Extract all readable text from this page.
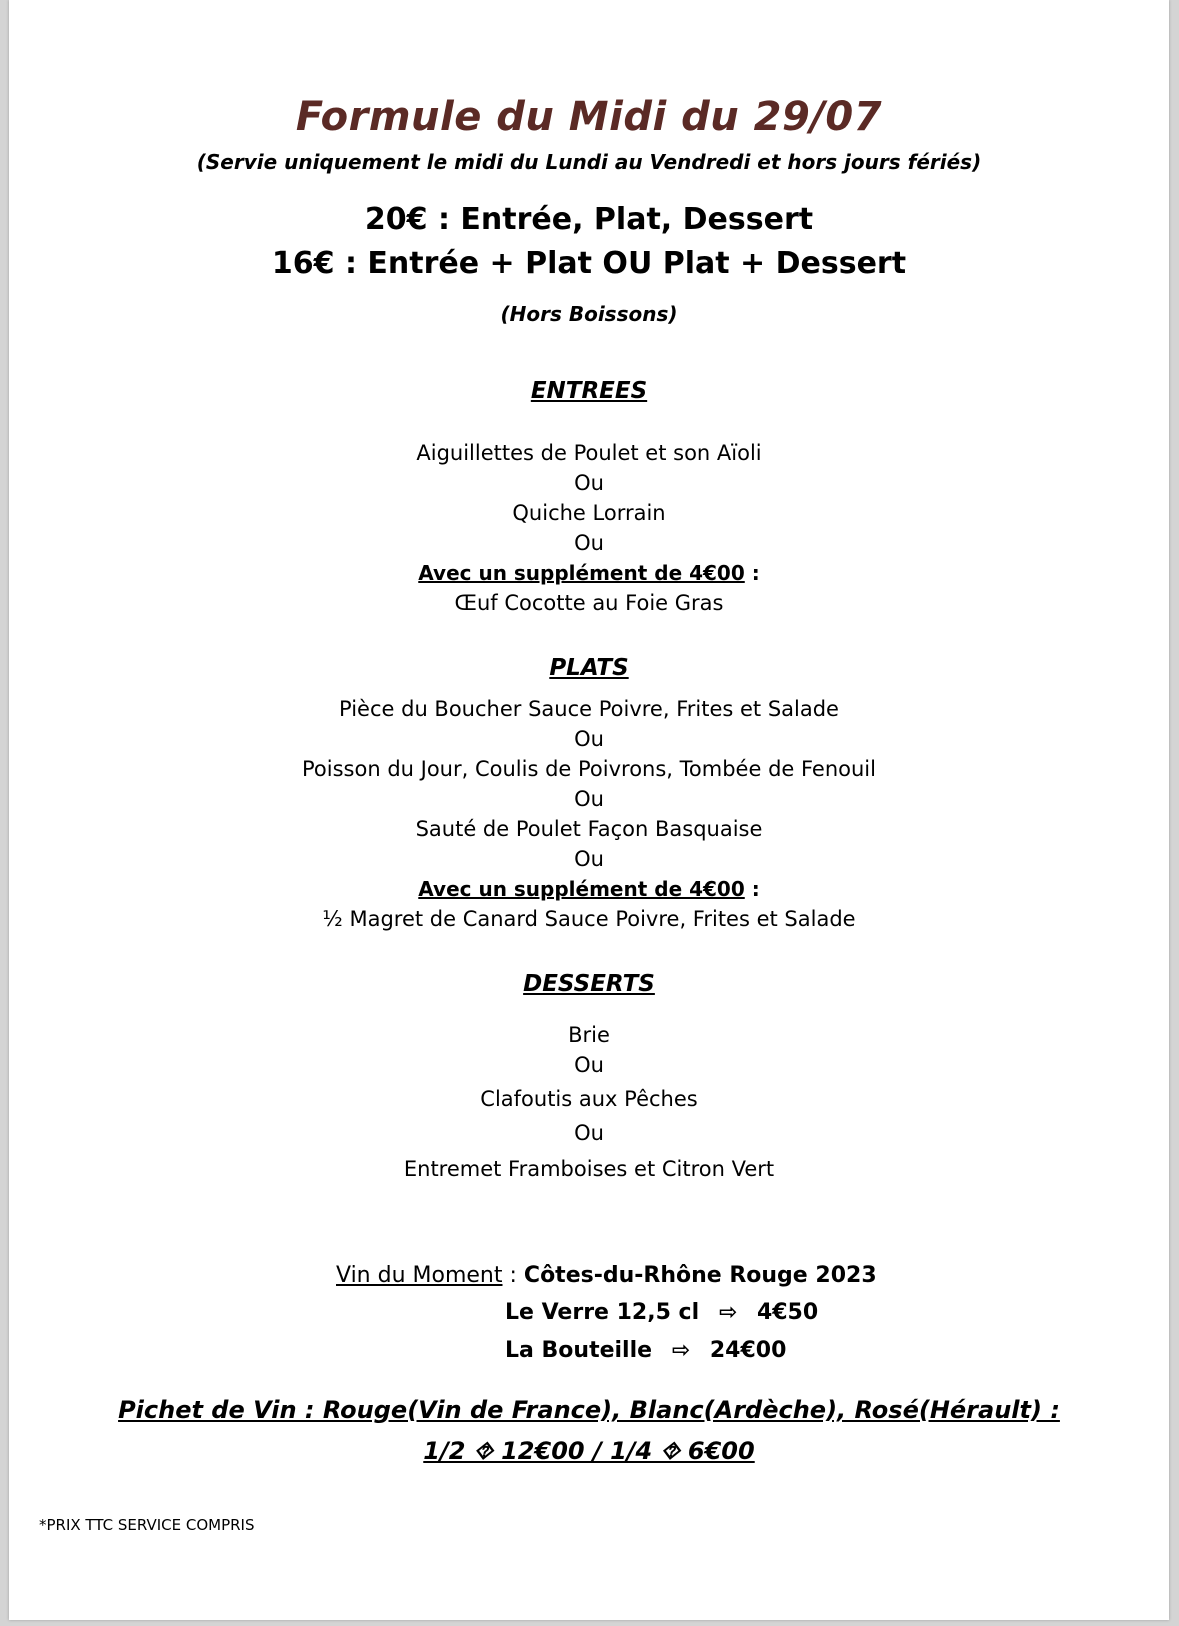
Formule du Midi du 29/07
(Servie uniquement le midi du Lundi au Vendredi et hors jours fériés)
20€ : Entrée, Plat, Dessert
16€ : Entrée + Plat OU Plat + Dessert
(Hors Boissons)
ENTREES
Aiguillettes de Poulet et son Aïoli
Ou
Quiche Lorrain
Ou
Avec un supplément de 4€00 :
Œuf Cocotte au Foie Gras
PLATS
Pièce du Boucher Sauce Poivre, Frites et Salade
Ou
Poisson du Jour, Coulis de Poivrons, Tombée de Fenouil
Ou
Sauté de Poulet Façon Basquaise
Ou
Avec un supplément de 4€00 :
½ Magret de Canard Sauce Poivre, Frites et Salade
DESSERTS
Brie
Ou
Clafoutis aux Pêches
Ou
Entremet Framboises et Citron Vert
Vin du Moment : Côtes-du-Rhône Rouge 2023
Le Verre 12,5 cl ⇨ 4€50
La Bouteille ⇨ 24€00
Pichet de Vin : Rouge(Vin de France), Blanc(Ardèche), Rosé(Hérault) :
1/2 ⯑ 12€00 / 1/4 ⯑ 6€00
*PRIX TTC SERVICE COMPRIS
